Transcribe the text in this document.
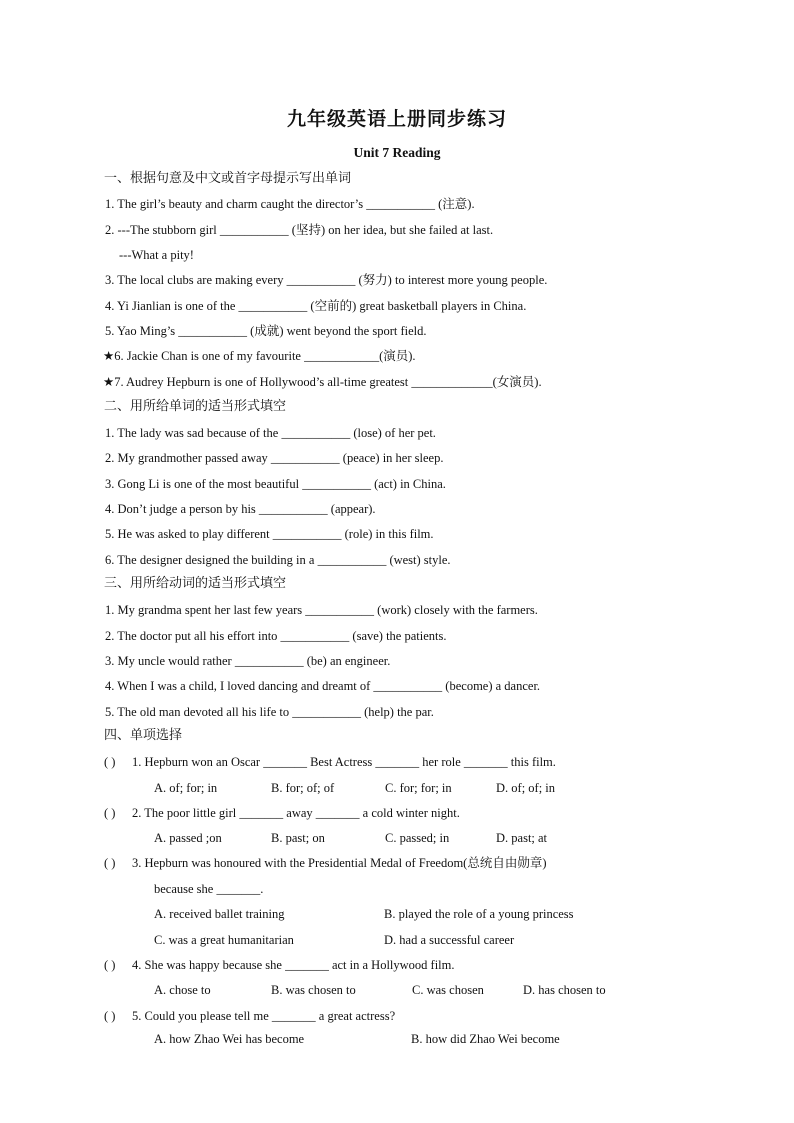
九年级英语上册同步练习
Unit 7 Reading
一、根据句意及中文或首字母提示写出单词
1. The girl’s beauty and charm caught the director’s ___________ (注意).
2. ---The stubborn girl ___________ (坚持) on her idea, but she failed at last.
---What a pity!
3. The local clubs are making every ___________ (努力) to interest more young people.
4. Yi Jianlian is one of the ___________ (空前的) great basketball players in China.
5. Yao Ming’s ___________ (成就) went beyond the sport field.
★6. Jackie Chan is one of my favourite ____________(演员).
★7. Audrey Hepburn is one of Hollywood’s all-time greatest _____________(女演员).
二、用所给单词的适当形式填空
1. The lady was sad because of the ___________ (lose) of her pet.
2. My grandmother passed away ___________ (peace) in her sleep.
3. Gong Li is one of the most beautiful ___________ (act) in China.
4. Don’t judge a person by his ___________ (appear).
5. He was asked to play different ___________ (role) in this film.
6. The designer designed the building in a ___________ (west) style.
三、用所给动词的适当形式填空
1. My grandma spent her last few years ___________ (work) closely with the farmers.
2. The doctor put all his effort into ___________ (save) the patients.
3. My uncle would rather ___________ (be) an engineer.
4. When I was a child, I loved dancing and dreamt of ___________ (become) a dancer.
5. The old man devoted all his life to ___________ (help) the par.
四、单项选择
( ) 1. Hepburn won an Oscar _______ Best Actress _______ her role _______ this film.
A. of; for; in	B. for; of; of	C. for; for; in	D. of; of; in
( ) 2. The poor little girl _______ away _______ a cold winter night.
A. passed ;on	B. past; on	C. passed; in	D. past; at
( ) 3. Hepburn was honoured with the Presidential Medal of Freedom(总统自由勋章)
because she _______.
A. received ballet training	B. played the role of a young princess
C. was a great humanitarian	D. had a successful career
( ) 4. She was happy because she _______ act in a Hollywood film.
A. chose to	B. was chosen to	C. was chosen	D. has chosen to
( ) 5. Could you please tell me _______ a great actress?
A. how Zhao Wei has become	B. how did Zhao Wei become
